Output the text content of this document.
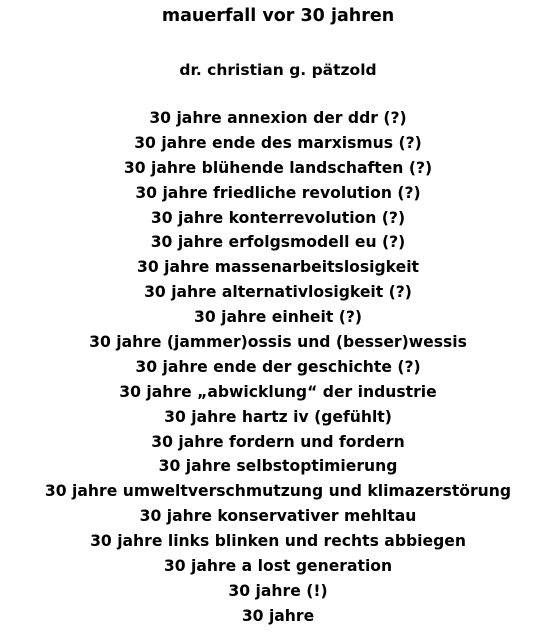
mauerfall vor 30 jahren
dr. christian g. pätzold
30 jahre annexion der ddr (?)
30 jahre ende des marxismus (?)
30 jahre blühende landschaften (?)
30 jahre friedliche revolution (?)
30 jahre konterrevolution (?)
30 jahre erfolgsmodell eu (?)
30 jahre massenarbeitslosigkeit
30 jahre alternativlosigkeit (?)
30 jahre einheit (?)
30 jahre (jammer)ossis und (besser)wessis
30 jahre ende der geschichte (?)
30 jahre „abwicklung“ der industrie
30 jahre hartz iv (gefühlt)
30 jahre fordern und fordern
30 jahre selbstoptimierung
30 jahre umweltverschmutzung und klimazerstörung
30 jahre konservativer mehltau
30 jahre links blinken und rechts abbiegen
30 jahre a lost generation
30 jahre (!)
30 jahre
